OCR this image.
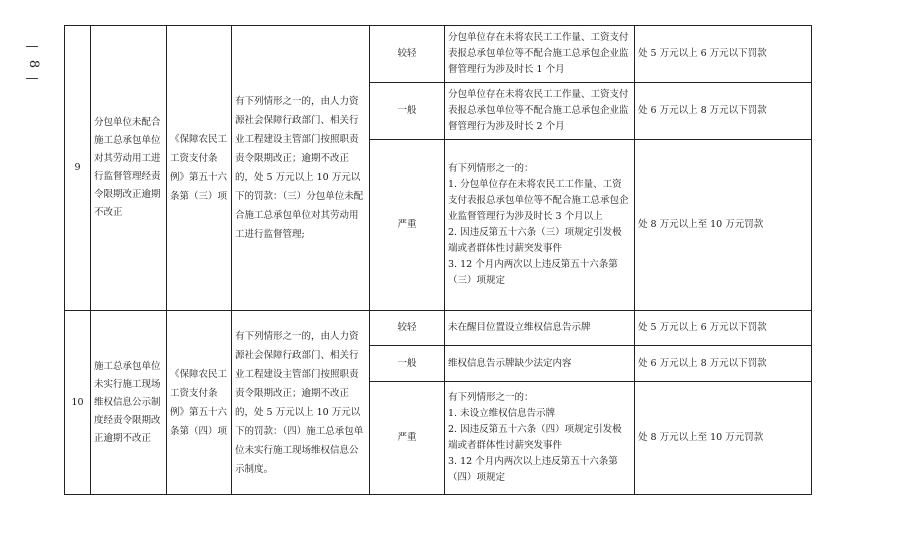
—
8
—
9	分包单位未配合施工总承包单位对其劳动用工进行监督管理经责令限期改正逾期不改正	《保障农民工工资支付条例》第五十六条第（三）项	有下列情形之一的，由人力资源社会保障行政部门、相关行业工程建设主管部门按照职责责令限期改正；逾期不改正的，处 5 万元以上 10 万元以下的罚款：（三）分包单位未配合施工总承包单位对其劳动用工进行监督管理;	较轻	分包单位存在未将农民工工作量、工资支付表报总承包单位等不配合施工总承包企业监督管理行为涉及时长 1 个月	处 5 万元以上 6 万元以下罚款
				一般	分包单位存在未将农民工工作量、工资支付表报总承包单位等不配合施工总承包企业监督管理行为涉及时长 2 个月	处 6 万元以上 8 万元以下罚款
				严重	有下列情形之一的：
1. 分包单位存在未将农民工工作量、工资支付表报总承包单位等不配合施工总承包企业监督管理行为涉及时长 3 个月以上
2. 因违反第五十六条（三）项规定引发极端或者群体性讨薪突发事件
3. 12 个月内两次以上违反第五十六条第（三）项规定	处 8 万元以上至 10 万元罚款
10	施工总承包单位未实行施工现场维权信息公示制度经责令限期改正逾期不改正	《保障农民工工资支付条例》第五十六条第（四）项	有下列情形之一的，由人力资源社会保障行政部门、相关行业工程建设主管部门按照职责责令限期改正；逾期不改正的，处 5 万元以上 10 万元以下的罚款：（四）施工总承包单位未实行施工现场维权信息公示制度。	较轻	未在醒目位置设立维权信息告示牌	处 5 万元以上 6 万元以下罚款
				一般	维权信息告示牌缺少法定内容	处 6 万元以上 8 万元以下罚款
				严重	有下列情形之一的：
1. 未设立维权信息告示牌
2. 因违反第五十六条（四）项规定引发极端或者群体性讨薪突发事件
3. 12 个月内两次以上违反第五十六条第（四）项规定	处 8 万元以上至 10 万元罚款
